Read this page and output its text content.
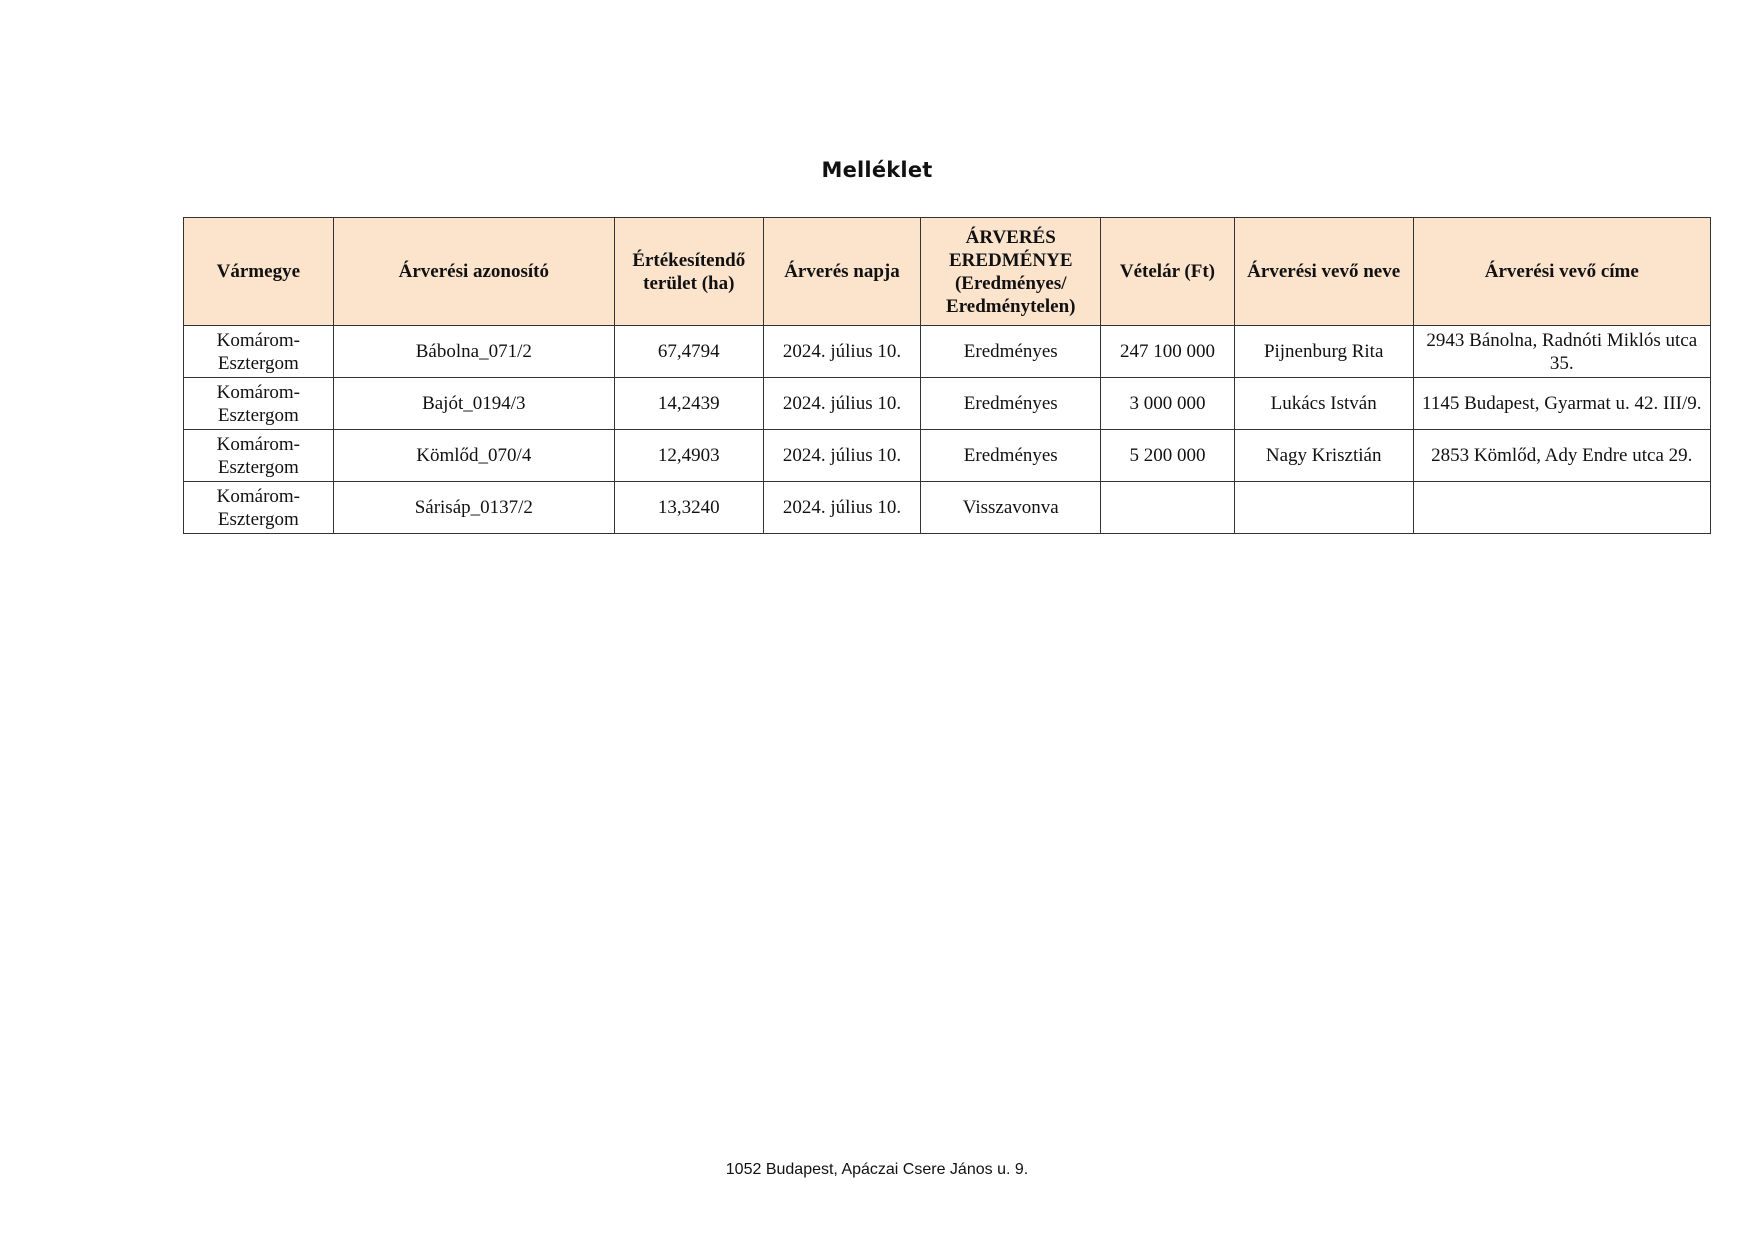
Melléklet
Vármegye	Árverési azonosító	Értékesítendő terület (ha)	Árverés napja	ÁRVERÉS EREDMÉNYE (Eredményes/ Eredménytelen)	Vételár (Ft)	Árverési vevő neve	Árverési vevő címe
Komárom-Esztergom	Bábolna_071/2	67,4794	2024. július 10.	Eredményes	247 100 000	Pijnenburg Rita	2943 Bánolna, Radnóti Miklós utca 35.
Komárom-Esztergom	Bajót_0194/3	14,2439	2024. július 10.	Eredményes	3 000 000	Lukács István	1145 Budapest, Gyarmat u. 42. III/9.
Komárom-Esztergom	Kömlőd_070/4	12,4903	2024. július 10.	Eredményes	5 200 000	Nagy Krisztián	2853 Kömlőd, Ady Endre utca 29.
Komárom-Esztergom	Sárisáp_0137/2	13,3240	2024. július 10.	Visszavonva			
1052 Budapest, Apáczai Csere János u. 9.
